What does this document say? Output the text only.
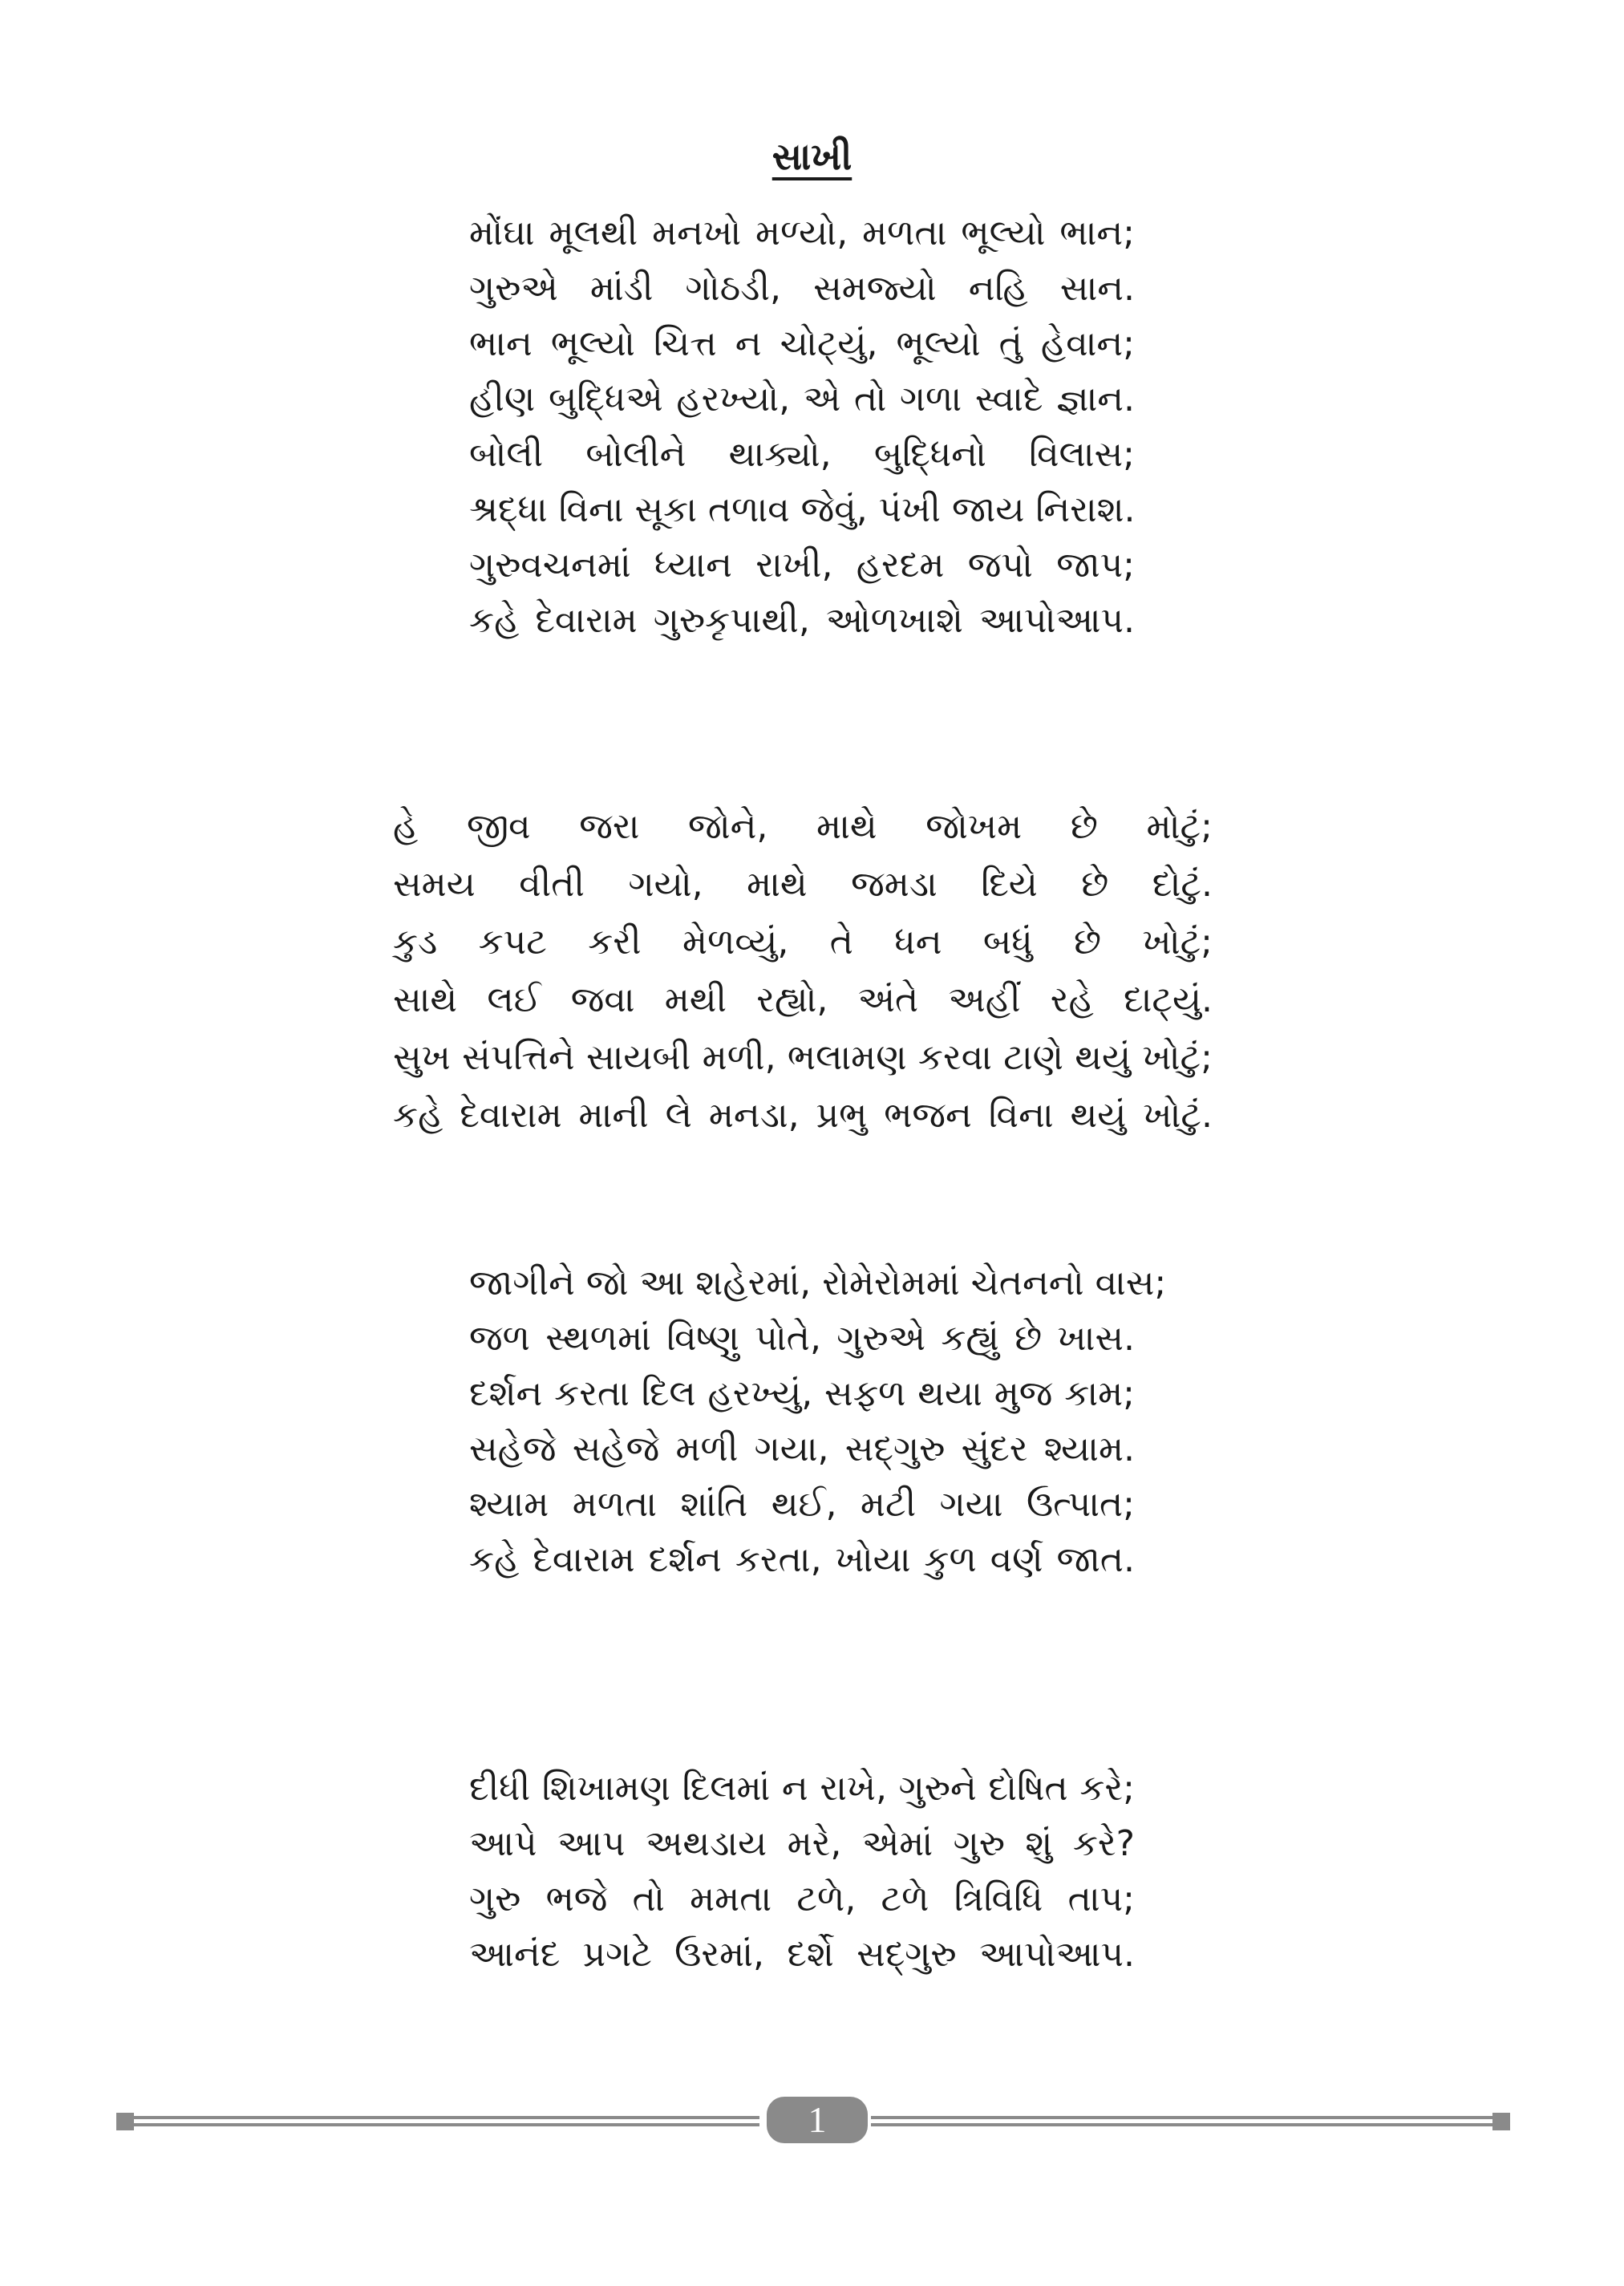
સાખી
મોંઘા મૂલથી મનખો મળ્યો, મળતા ભૂલ્યો ભાન;
ગુરુએ માંડી ગોઠડી, સમજ્યો નહિ સાન.
ભાન ભૂલ્યો ચિત્ત ન ચોટ્યું, ભૂલ્યો તું હેવાન;
હીણ બુદ્ધિએ હરખ્યો, એ તો ગળા સ્વાદે જ્ઞાન.
બોલી બોલીને થાક્યો, બુદ્ધિનો વિલાસ;
શ્રદ્ધા વિના સૂકા તળાવ જેવું, પંખી જાય નિરાશ.
ગુરુવચનમાં ધ્યાન રાખી, હરદમ જપો જાપ;
કહે દેવારામ ગુરુકૃપાથી, ઓળખાશે આપોઆપ.
હે જીવ જરા જોને, માથે જોખમ છે મોટું;
સમય વીતી ગયો, માથે જમડા દિયે છે દોટું.
કુડ કપટ કરી મેળવ્યું, તે ધન બધું છે ખોટું;
સાથે લઈ જવા મથી રહ્યો, અંતે અહીં રહે દાટ્યું.
સુખ સંપત્તિને સાયબી મળી, ભલામણ કરવા ટાણે થયું ખોટું;
કહે દેવારામ માની લે મનડા, પ્રભુ ભજન વિના થયું ખોટું.
જાગીને જો આ શહેરમાં, રોમેરોમમાં ચેતનનો વાસ;
જળ સ્થળમાં વિષ્ણુ પોતે, ગુરુએ કહ્યું છે ખાસ.
દર્શન કરતા દિલ હરખ્યું, સફળ થયા મુજ કામ;
સહેજે સહેજે મળી ગયા, સદ્‌ગુરુ સુંદર શ્યામ.
શ્યામ મળતા શાંતિ થઈ, મટી ગયા ઉત્પાત;
કહે દેવારામ દર્શન કરતા, ખોયા કુળ વર્ણ જાત.
દીધી શિખામણ દિલમાં ન રાખે, ગુરુને દોષિત કરે;
આપે આપ અથડાય મરે, એમાં ગુરુ શું કરે?
ગુરુ ભજે તો મમતા ટળે, ટળે ત્રિવિધિ તાપ;
આનંદ પ્રગટે ઉરમાં, દર્શે સદ્‌ગુરુ આપોઆપ.
1
